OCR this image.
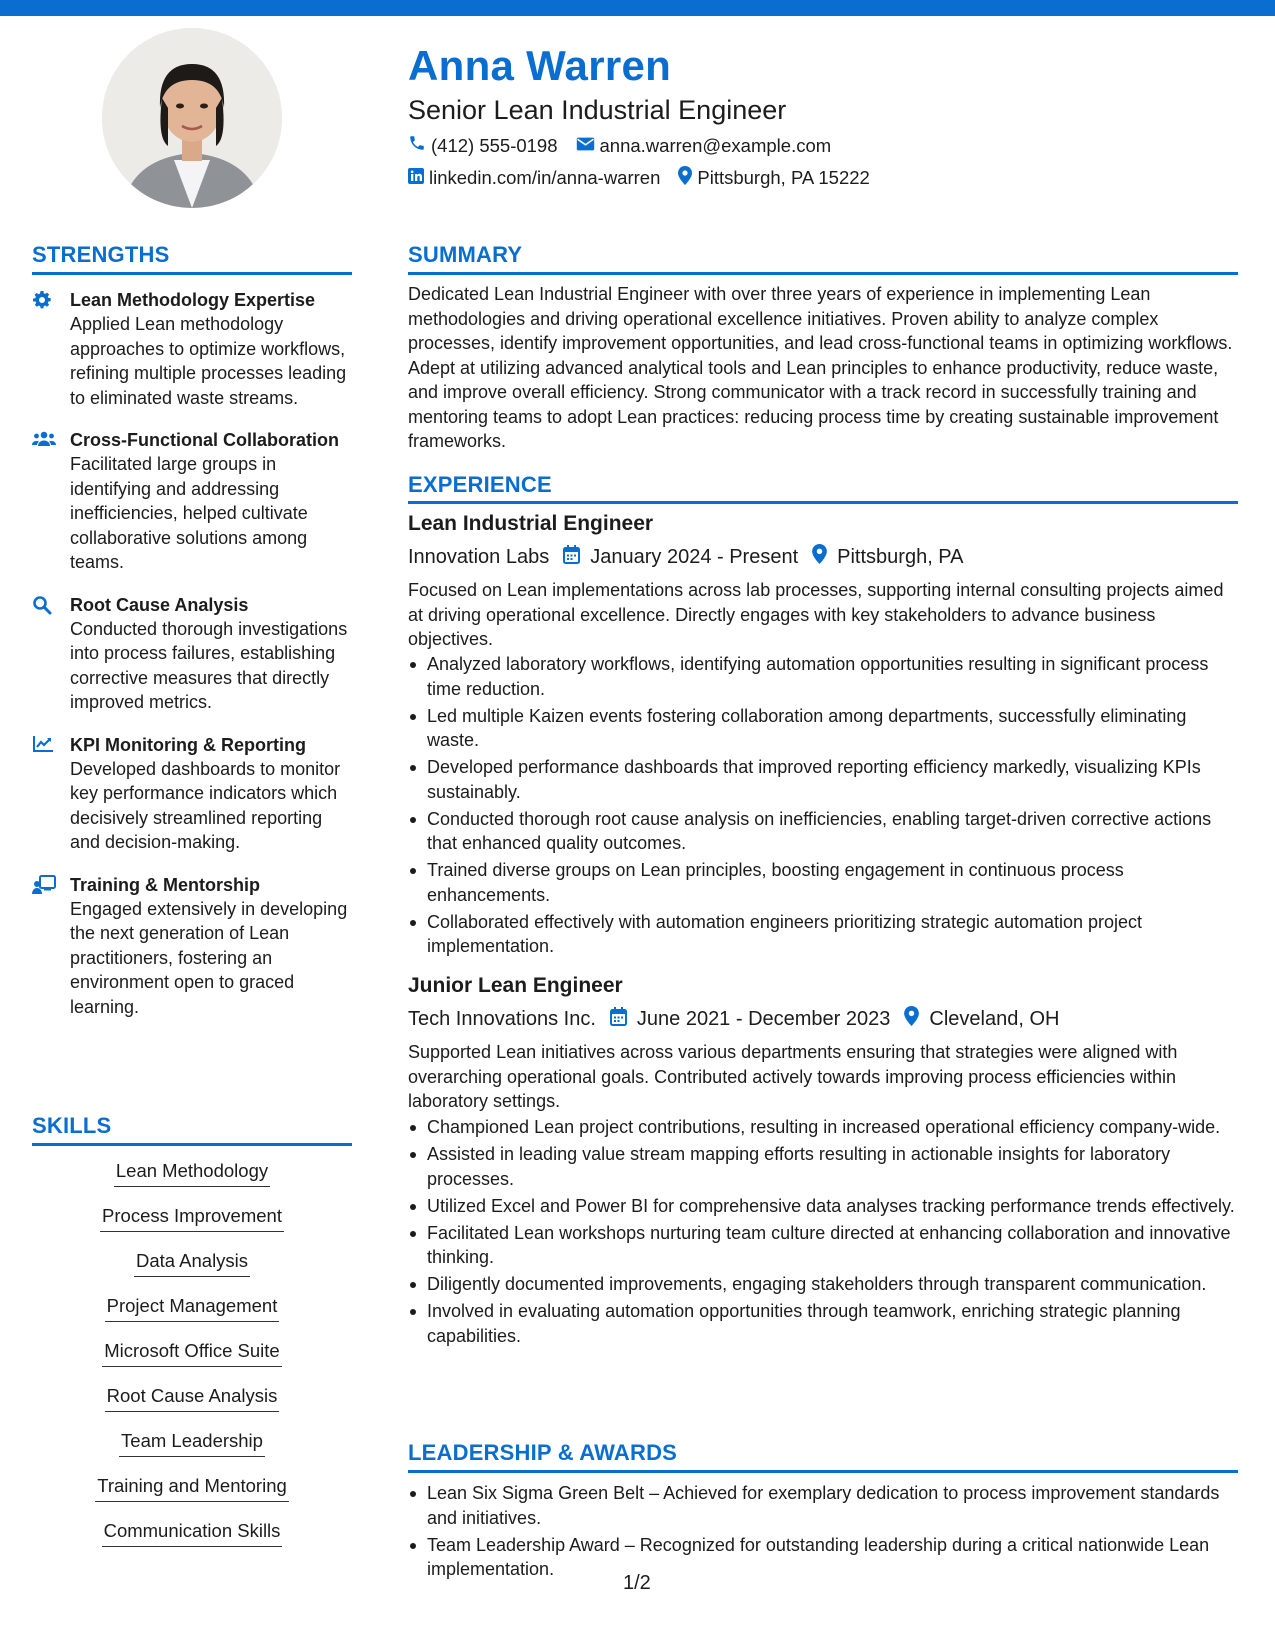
Anna Warren
Senior Lean Industrial Engineer
(412) 555-0198 anna.warren@example.com
linkedin.com/in/anna-warren Pittsburgh, PA 15222
STRENGTHS
Lean Methodology Expertise
Applied Lean methodology approaches to optimize workflows, refining multiple processes leading to eliminated waste streams.
Cross-Functional Collaboration
Facilitated large groups in identifying and addressing inefficiencies, helped cultivate collaborative solutions among teams.
Root Cause Analysis
Conducted thorough investigations into process failures, establishing corrective measures that directly improved metrics.
KPI Monitoring & Reporting
Developed dashboards to monitor key performance indicators which decisively streamlined reporting and decision-making.
Training & Mentorship
Engaged extensively in developing the next generation of Lean practitioners, fostering an environment open to graced learning.
SKILLS
Lean Methodology
Process Improvement
Data Analysis
Project Management
Microsoft Office Suite
Root Cause Analysis
Team Leadership
Training and Mentoring
Communication Skills
SUMMARY
Dedicated Lean Industrial Engineer with over three years of experience in implementing Lean methodologies and driving operational excellence initiatives. Proven ability to analyze complex processes, identify improvement opportunities, and lead cross-functional teams in optimizing workflows. Adept at utilizing advanced analytical tools and Lean principles to enhance productivity, reduce waste, and improve overall efficiency. Strong communicator with a track record in successfully training and mentoring teams to adopt Lean practices: reducing process time by creating sustainable improvement frameworks.
EXPERIENCE
Lean Industrial Engineer
Innovation Labs January 2024 - Present Pittsburgh, PA
Focused on Lean implementations across lab processes, supporting internal consulting projects aimed at driving operational excellence. Directly engages with key stakeholders to advance business objectives.
Analyzed laboratory workflows, identifying automation opportunities resulting in significant process time reduction.
Led multiple Kaizen events fostering collaboration among departments, successfully eliminating waste.
Developed performance dashboards that improved reporting efficiency markedly, visualizing KPIs sustainably.
Conducted thorough root cause analysis on inefficiencies, enabling target-driven corrective actions that enhanced quality outcomes.
Trained diverse groups on Lean principles, boosting engagement in continuous process enhancements.
Collaborated effectively with automation engineers prioritizing strategic automation project implementation.
Junior Lean Engineer
Tech Innovations Inc. June 2021 - December 2023 Cleveland, OH
Supported Lean initiatives across various departments ensuring that strategies were aligned with overarching operational goals. Contributed actively towards improving process efficiencies within laboratory settings.
Championed Lean project contributions, resulting in increased operational efficiency company-wide.
Assisted in leading value stream mapping efforts resulting in actionable insights for laboratory processes.
Utilized Excel and Power BI for comprehensive data analyses tracking performance trends effectively.
Facilitated Lean workshops nurturing team culture directed at enhancing collaboration and innovative thinking.
Diligently documented improvements, engaging stakeholders through transparent communication.
Involved in evaluating automation opportunities through teamwork, enriching strategic planning capabilities.
LEADERSHIP & AWARDS
Lean Six Sigma Green Belt – Achieved for exemplary dedication to process improvement standards and initiatives.
Team Leadership Award – Recognized for outstanding leadership during a critical nationwide Lean implementation.
1/2
